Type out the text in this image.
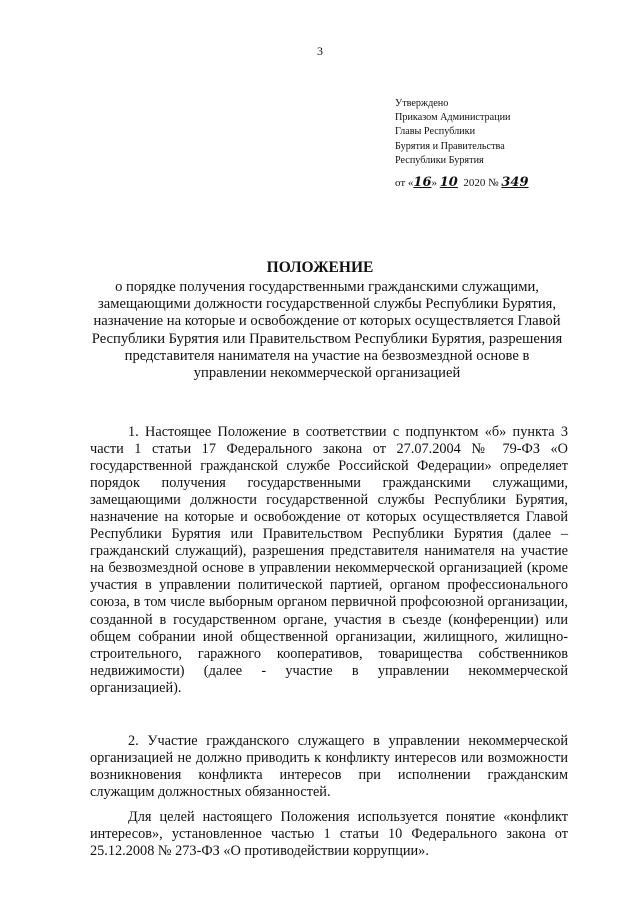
3
Утверждено
Приказом Администрации
Главы Республики
Бурятия и Правительства
Республики Бурятия
от «16» 10 2020 № 349
ПОЛОЖЕНИЕ
о порядке получения государственными гражданскими служащими, замещающими должности государственной службы Республики Бурятия, назначение на которые и освобождение от которых осуществляется Главой Республики Бурятия или Правительством Республики Бурятия, разрешения представителя нанимателя на участие на безвозмездной основе в управлении некоммерческой организацией
1. Настоящее Положение в соответствии с подпунктом «б» пункта 3 части 1 статьи 17 Федерального закона от 27.07.2004 № 79-ФЗ «О государственной гражданской службе Российской Федерации» определяет порядок получения государственными гражданскими служащими, замещающими должности государственной службы Республики Бурятия, назначение на которые и освобождение от которых осуществляется Главой Республики Бурятия или Правительством Республики Бурятия (далее – гражданский служащий), разрешения представителя нанимателя на участие на безвозмездной основе в управлении некоммерческой организацией (кроме участия в управлении политической партией, органом профессионального союза, в том числе выборным органом первичной профсоюзной организации, созданной в государственном органе, участия в съезде (конференции) или общем собрании иной общественной организации, жилищного, жилищно-строительного, гаражного кооперативов, товарищества собственников недвижимости) (далее - участие в управлении некоммерческой организацией).
2. Участие гражданского служащего в управлении некоммерческой организацией не должно приводить к конфликту интересов или возможности возникновения конфликта интересов при исполнении гражданским служащим должностных обязанностей.
Для целей настоящего Положения используется понятие «конфликт интересов», установленное частью 1 статьи 10 Федерального закона от 25.12.2008 № 273-ФЗ «О противодействии коррупции».
